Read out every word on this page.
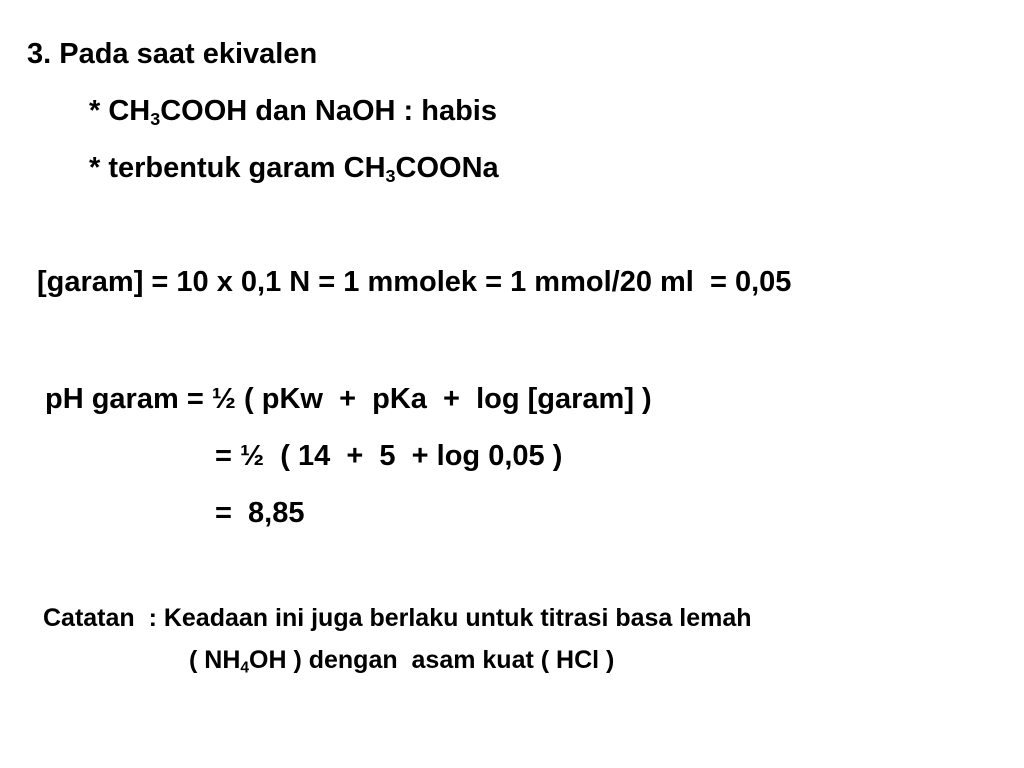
3. Pada saat ekivalen
* $CH_3COOH$ dan NaOH : habis
* terbentuk garam $CH_3COONa$
[garam] = 10 x 0,1 N = 1 mmolek = 1 mmol/20 ml  = 0,05
pH garam = ½ ( pKw  +  pKa  +  log [garam] )
= ½  ( 14  +  5  + log 0,05 )
=  8,85
Catatan  : Keadaan ini juga berlaku untuk titrasi basa lemah
( $NH_4OH$ ) dengan  asam kuat ( HCl )
